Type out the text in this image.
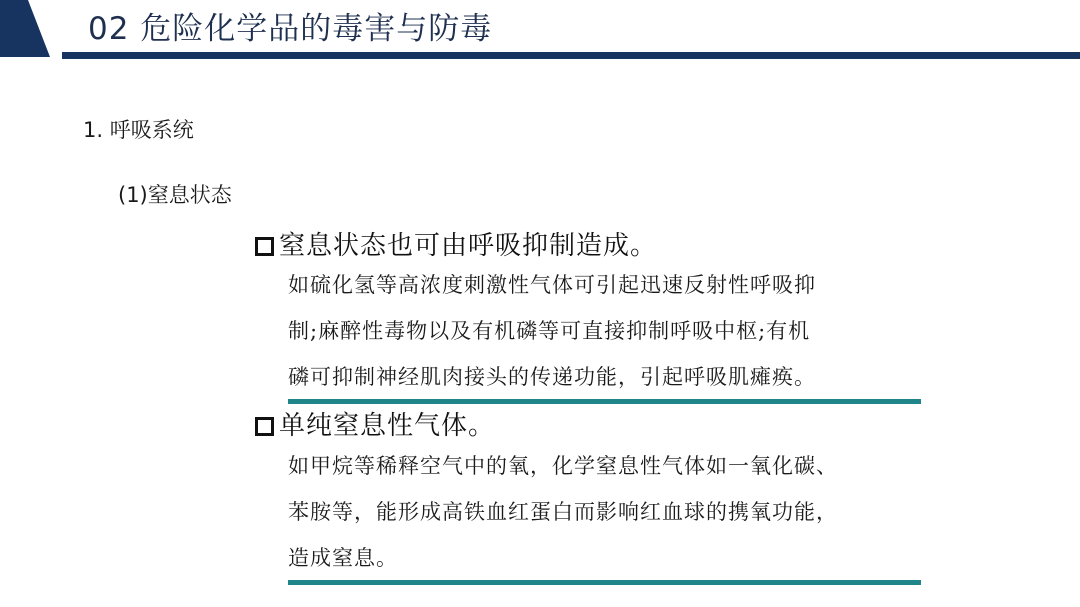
02 危险化学品的毒害与防毒
1. 呼吸系统
(1)窒息状态
窒息状态也可由呼吸抑制造成。
如硫化氢等高浓度刺激性气体可引起迅速反射性呼吸抑
制;麻醉性毒物以及有机磷等可直接抑制呼吸中枢;有机
磷可抑制神经肌肉接头的传递功能，引起呼吸肌瘫痪。
单纯窒息性气体。
如甲烷等稀释空气中的氧，化学窒息性气体如一氧化碳、
苯胺等，能形成高铁血红蛋白而影响红血球的携氧功能，
造成窒息。
